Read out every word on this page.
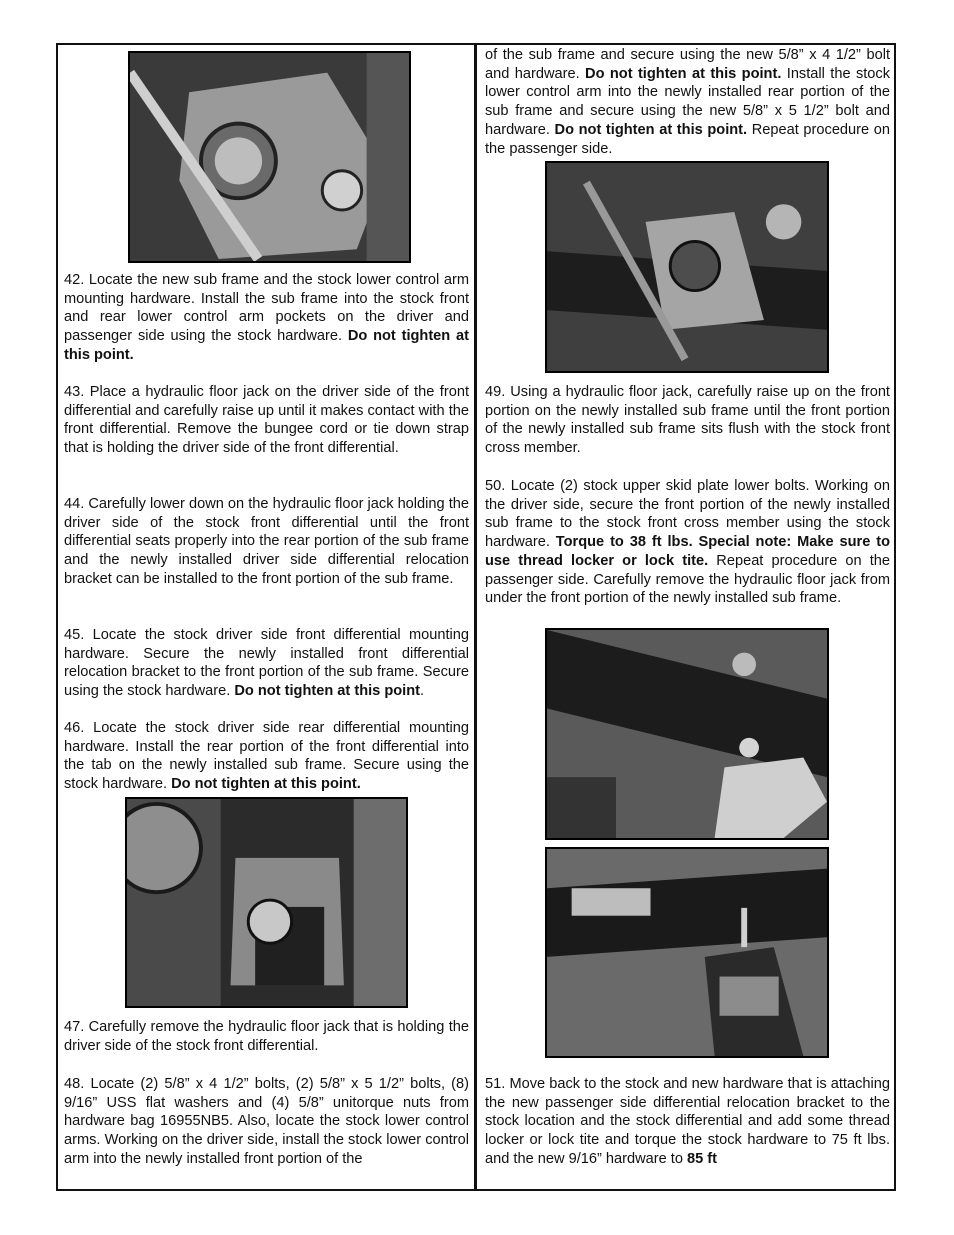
42. Locate the new sub frame and the stock lower control arm mounting hardware. Install the sub frame into the stock front and rear lower control arm pockets on the driver and passenger side using the stock hardware. Do not tighten at this point.

43. Place a hydraulic floor jack on the driver side of the front differential and carefully raise up until it makes contact with the front differential. Remove the bungee cord or tie down strap that is holding the driver side of the front differential.

44. Carefully lower down on the hydraulic floor jack holding the driver side of the stock front differential until the front differential seats properly into the rear portion of the sub frame and the newly installed driver side differential relocation bracket can be installed to the front portion of the sub frame.

45. Locate the stock driver side front differential mounting hardware. Secure the newly installed front differential relocation bracket to the front portion of the sub frame. Secure using the stock hardware. Do not tighten at this point.

46. Locate the stock driver side rear differential mounting hardware. Install the rear portion of the front differential into the tab on the newly installed sub frame. Secure using the stock hardware. Do not tighten at this point.

47. Carefully remove the hydraulic floor jack that is holding the driver side of the stock front differential.

48. Locate (2) 5/8” x 4 1/2” bolts, (2) 5/8” x 5 1/2” bolts, (8) 9/16” USS flat washers and (4) 5/8” unitorque nuts from hardware bag 16955NB5. Also, locate the stock lower control arms. Working on the driver side, install the stock lower control arm into the newly installed front portion of the

of the sub frame and secure using the new 5/8” x 4 1/2” bolt and hardware. Do not tighten at this point. Install the stock lower control arm into the newly installed rear portion of the sub frame and secure using the new 5/8” x 5 1/2” bolt and hardware. Do not tighten at this point. Repeat procedure on the passenger side.

49. Using a hydraulic floor jack, carefully raise up on the front portion on the newly installed sub frame until the front portion of the newly installed sub frame sits flush with the stock front cross member.

50. Locate (2) stock upper skid plate lower bolts. Working on the driver side, secure the front portion of the newly installed sub frame to the stock front cross member using the stock hardware. Torque to 38 ft lbs. Special note: Make sure to use thread locker or lock tite. Repeat procedure on the passenger side. Carefully remove the hydraulic floor jack from under the front portion of the newly installed sub frame.

51. Move back to the stock and new hardware that is attaching the new passenger side differential relocation bracket to the stock location and the stock differential and add some thread locker or lock tite and torque the stock hardware to 75 ft lbs. and the new 9/16” hardware to 85 ft
